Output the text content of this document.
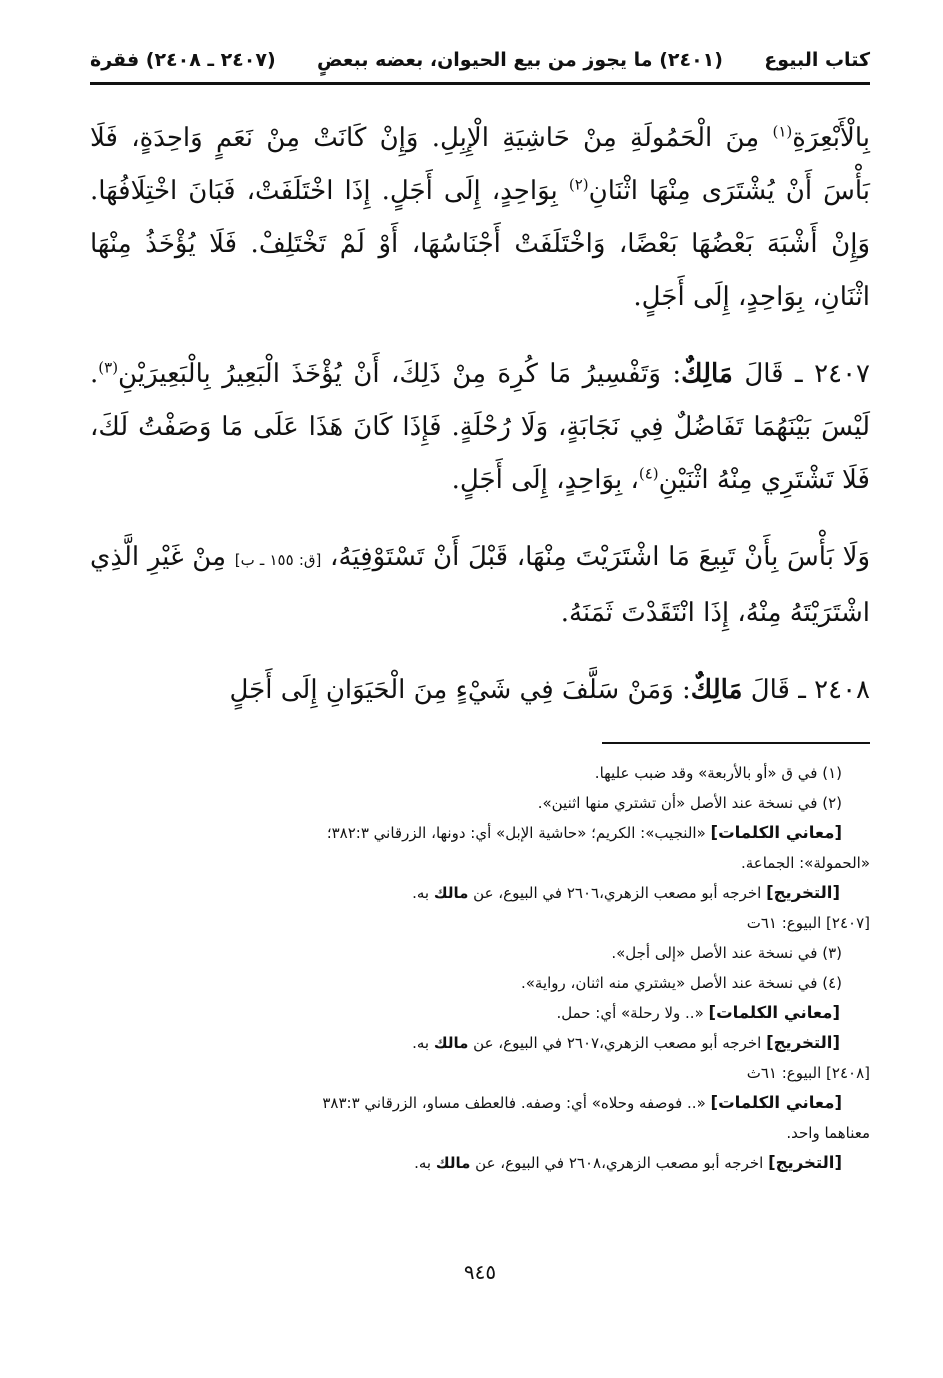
كتاب البيوع
(٢٤٠١) ما يجوز من بيع الحيوان، بعضه ببعضٍ
(٢٤٠٧ ـ ٢٤٠٨) فقرة

بِالْأَبْعِرَةِ$^{(١)}$ مِنَ الْحَمُولَةِ مِنْ حَاشِيَةِ الْإِبِلِ. وَإِنْ كَانَتْ مِنْ نَعَمٍ وَاحِدَةٍ، فَلَا بَأْسَ أَنْ يُشْتَرَى مِنْهَا اثْنَانِ$^{(٢)}$ بِوَاحِدٍ، إِلَى أَجَلٍ. إِذَا اخْتَلَفَتْ، فَبَانَ اخْتِلَافُهَا. وَإِنْ أَشْبَهَ بَعْضُهَا بَعْضًا، وَاخْتَلَفَتْ أَجْنَاسُهَا، أَوْ لَمْ تَخْتَلِفْ. فَلَا يُؤْخَذُ مِنْهَا اثْنَانِ، بِوَاحِدٍ، إِلَى أَجَلٍ.

٢٤٠٧ ـ قَالَ مَالِكٌ: وَتَفْسِيرُ مَا كُرِهَ مِنْ ذَلِكَ، أَنْ يُؤْخَذَ الْبَعِيرُ بِالْبَعِيرَيْنِ$^{(٣)}$. لَيْسَ بَيْنَهُمَا تَفَاضُلٌ فِي نَجَابَةٍ، وَلَا رُحْلَةٍ. فَإِذَا كَانَ هَذَا عَلَى مَا وَصَفْتُ لَكَ، فَلَا تَشْتَرِي مِنْهُ اثْنَيْنِ$^{(٤)}$، بِوَاحِدٍ، إِلَى أَجَلٍ.

وَلَا بَأْسَ بِأَنْ تَبِيعَ مَا اشْتَرَيْتَ مِنْهَا، قَبْلَ أَنْ تَسْتَوْفِيَهُ، [ق: ١٥٥ ـ ب] مِنْ غَيْرِ الَّذِي اشْتَرَيْتَهُ مِنْهُ، إِذَا انْتَقَدْتَ ثَمَنَهُ.

٢٤٠٨ ـ قَالَ مَالِكٌ: وَمَنْ سَلَّفَ فِي شَيْءٍ مِنَ الْحَيَوَانِ إِلَى أَجَلٍ

(١) في ق «أو بالأربعة» وقد ضبب عليها.

(٢) في نسخة عند الأصل «أن تشتري منها اثنين».

[معاني الكلمات] «النجيب»: الكريم؛ «حاشية الإبل» أي: دونها، الزرقاني ٣٨٢:٣؛

«الحمولة»: الجماعة.

[التخريج] اخرجه أبو مصعب الزهري،٢٦٠٦ في البيوع، عن مالك به.

[٢٤٠٧] البيوع: ٦١ت

(٣) في نسخة عند الأصل «إلى أجل».

(٤) في نسخة عند الأصل «يشتري منه اثنان، رواية».

[معاني الكلمات] «.. ولا رحلة» أي: حمل.

[التخريج] اخرجه أبو مصعب الزهري،٢٦٠٧ في البيوع، عن مالك به.

[٢٤٠٨] البيوع: ٦١ث

[معاني الكلمات] «.. فوصفه وحلاه» أي: وصفه. فالعطف مساو، الزرقاني ٣٨٣:٣

معناهما واحد.

[التخريج] اخرجه أبو مصعب الزهري،٢٦٠٨ في البيوع، عن مالك به.

٩٤٥
